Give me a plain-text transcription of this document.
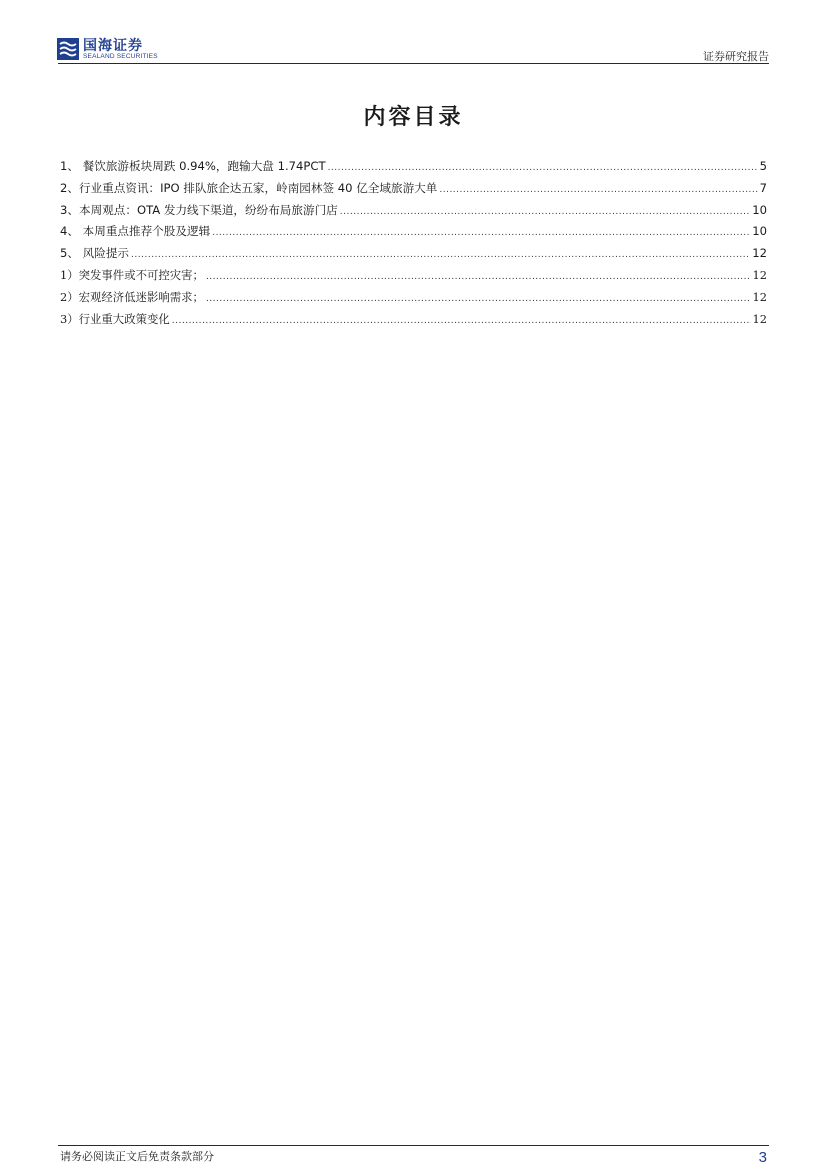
国海证券
SEALAND SECURITIES	证券研究报告
内容目录
1、 餐饮旅游板块周跌 0.94%，跑输大盘 1.74PCT .....	5
2、行业重点资讯：IPO 排队旅企达五家，岭南园林签 40 亿全域旅游大单 .....	7
3、本周观点：OTA 发力线下渠道，纷纷布局旅游门店 .....	10
4、 本周重点推荐个股及逻辑 .....	10
5、 风险提示 .....	12
1）突发事件或不可控灾害； .....	12
2）宏观经济低迷影响需求； .....	12
3）行业重大政策变化 .....	12
请务必阅读正文后免责条款部分	3
